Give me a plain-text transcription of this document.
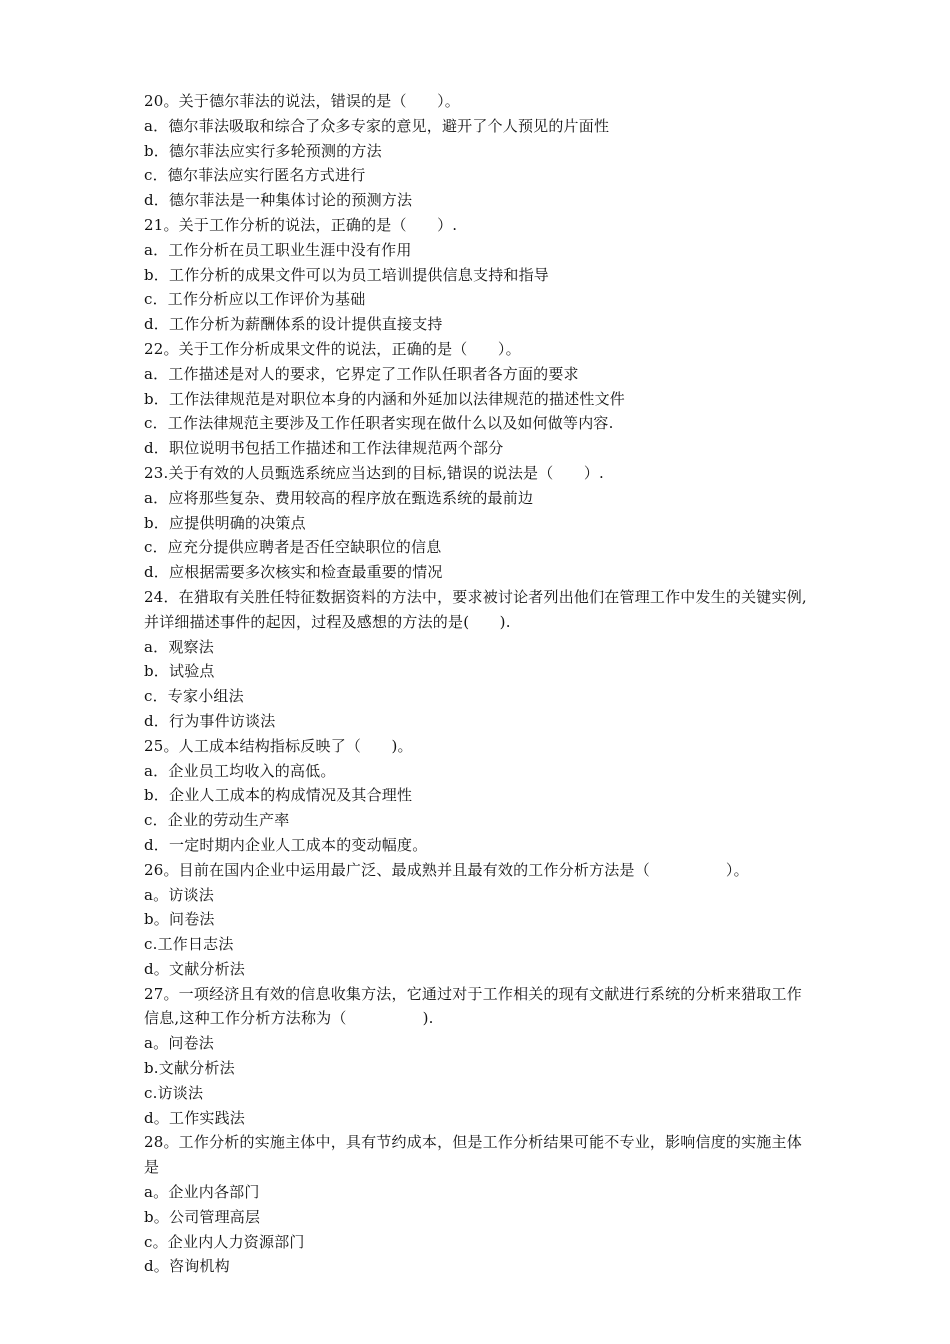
20。关于德尔菲法的说法，错误的是（　　）。
a．德尔菲法吸取和综合了众多专家的意见，避开了个人预见的片面性
b．德尔菲法应实行多轮预测的方法
c．德尔菲法应实行匿名方式进行
d．德尔菲法是一种集体讨论的预测方法
21。关于工作分析的说法，正确的是（　　）.
a．工作分析在员工职业生涯中没有作用
b．工作分析的成果文件可以为员工培训提供信息支持和指导
c．工作分析应以工作评价为基础
d．工作分析为薪酬体系的设计提供直接支持
22。关于工作分析成果文件的说法，正确的是（　　）。
a．工作描述是对人的要求，它界定了工作队任职者各方面的要求
b．工作法律规范是对职位本身的内涵和外延加以法律规范的描述性文件
c．工作法律规范主要涉及工作任职者实现在做什么以及如何做等内容.
d．职位说明书包括工作描述和工作法律规范两个部分
23.关于有效的人员甄选系统应当达到的目标,错误的说法是（　　）.
a．应将那些复杂、费用较高的程序放在甄选系统的最前边
b．应提供明确的决策点
c．应充分提供应聘者是否任空缺职位的信息
d．应根据需要多次核实和检查最重要的情况
24．在猎取有关胜任特征数据资料的方法中，要求被讨论者列出他们在管理工作中发生的关键实例,
并详细描述事件的起因，过程及感想的方法的是(　　).
a．观察法
b．试验点
c．专家小组法
d．行为事件访谈法
25。人工成本结构指标反映了（　　)。
a．企业员工均收入的高低。
b．企业人工成本的构成情况及其合理性
c．企业的劳动生产率
d．一定时期内企业人工成本的变动幅度。
26。目前在国内企业中运用最广泛、最成熟并且最有效的工作分析方法是（　　　　　）。
a。访谈法
b。问卷法
c.工作日志法
d。文献分析法
27。一项经济且有效的信息收集方法，它通过对于工作相关的现有文献进行系统的分析来猎取工作
信息,这种工作分析方法称为（　　　　　).
a。问卷法
b.文献分析法
c.访谈法
d。工作实践法
28。工作分析的实施主体中，具有节约成本，但是工作分析结果可能不专业，影响信度的实施主体
是
a。企业内各部门
b。公司管理高层
c。企业内人力资源部门
d。咨询机构
